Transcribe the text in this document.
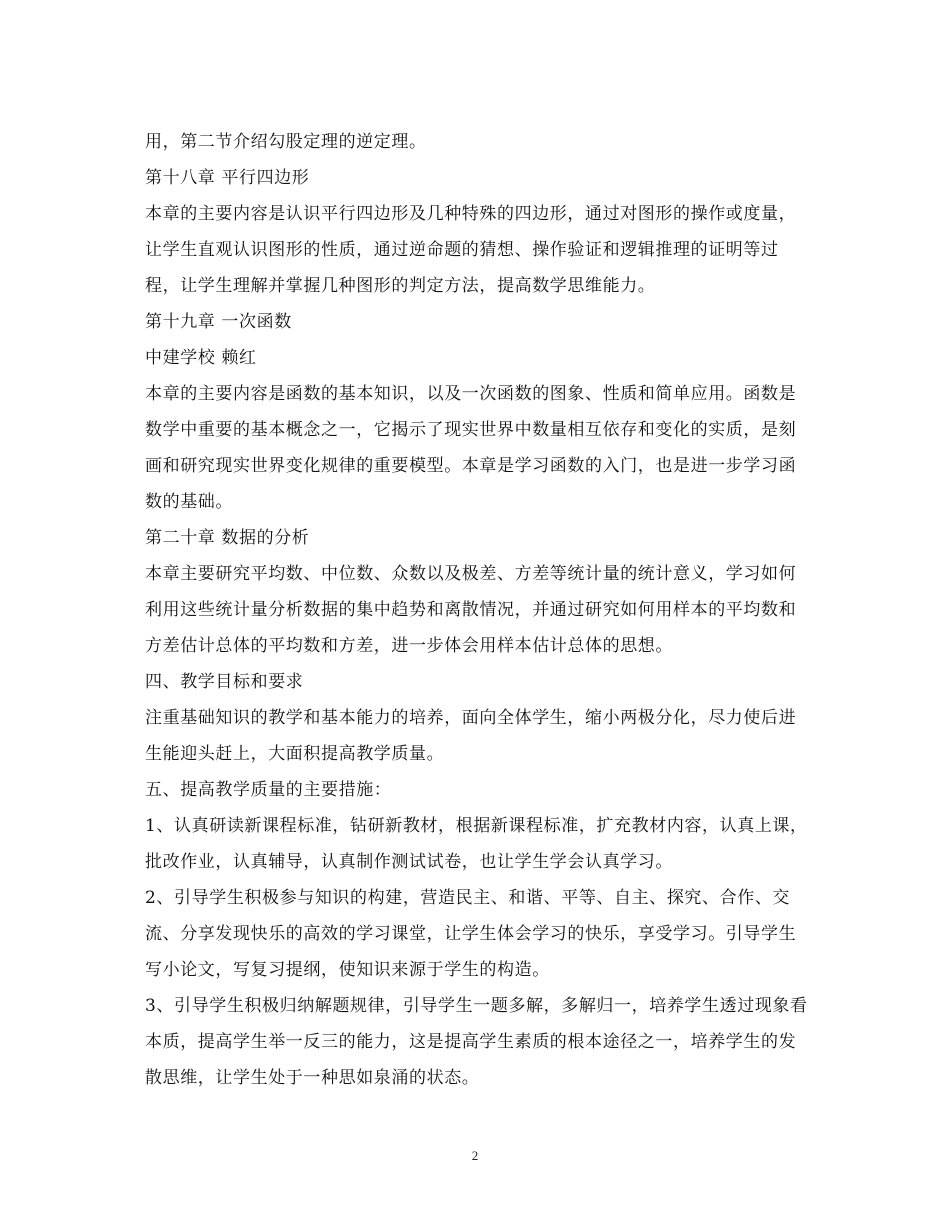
用，第二节介绍勾股定理的逆定理。

第十八章 平行四边形

本章的主要内容是认识平行四边形及几种特殊的四边形，通过对图形的操作或度量，让学生直观认识图形的性质，通过逆命题的猜想、操作验证和逻辑推理的证明等过程，让学生理解并掌握几种图形的判定方法，提高数学思维能力。

第十九章 一次函数

中建学校 赖红

本章的主要内容是函数的基本知识，以及一次函数的图象、性质和简单应用。函数是数学中重要的基本概念之一，它揭示了现实世界中数量相互依存和变化的实质，是刻画和研究现实世界变化规律的重要模型。本章是学习函数的入门，也是进一步学习函数的基础。

第二十章 数据的分析

本章主要研究平均数、中位数、众数以及极差、方差等统计量的统计意义，学习如何利用这些统计量分析数据的集中趋势和离散情况，并通过研究如何用样本的平均数和方差估计总体的平均数和方差，进一步体会用样本估计总体的思想。

四、教学目标和要求

注重基础知识的教学和基本能力的培养，面向全体学生，缩小两极分化，尽力使后进生能迎头赶上，大面积提高教学质量。

五、提高教学质量的主要措施：

1、认真研读新课程标准，钻研新教材，根据新课程标准，扩充教材内容，认真上课，批改作业，认真辅导，认真制作测试试卷，也让学生学会认真学习。

2、引导学生积极参与知识的构建，营造民主、和谐、平等、自主、探究、合作、交流、分享发现快乐的高效的学习课堂，让学生体会学习的快乐，享受学习。引导学生写小论文，写复习提纲，使知识来源于学生的构造。

3、引导学生积极归纳解题规律，引导学生一题多解，多解归一，培养学生透过现象看本质，提高学生举一反三的能力，这是提高学生素质的根本途径之一，培养学生的发散思维，让学生处于一种思如泉涌的状态。

2
